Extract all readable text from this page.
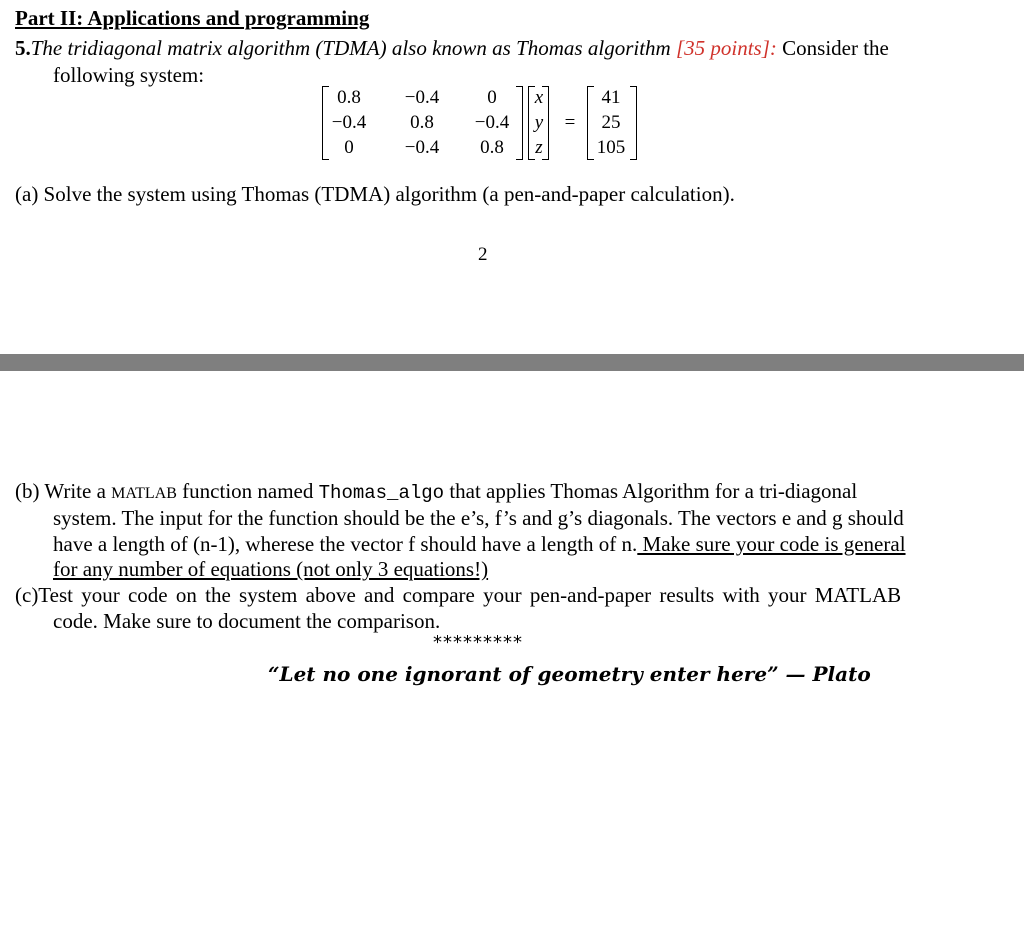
Part II: Applications and programming
5.The tridiagonal matrix algorithm (TDMA) also known as Thomas algorithm [35 points]: Consider the
following system:
0.8	−0.4	0
−0.4	0.8	−0.4
0	−0.4	0.8
x
y
z
=
41
25
105
(a) Solve the system using Thomas (TDMA) algorithm (a pen-and-paper calculation).
2
(b) Write a MATLAB function named Thomas_algo that applies Thomas Algorithm for a tri-diagonal
system. The input for the function should be the e’s, f’s and g’s diagonals. The vectors e and g should
have a length of (n-1), wherese the vector f should have a length of n. Make sure your code is general
for any number of equations (not only 3 equations!)
(c)Test your code on the system above and compare your pen-and-paper results with your MATLAB
code. Make sure to document the comparison.
*********
“Let no one ignorant of geometry enter here” — Plato
